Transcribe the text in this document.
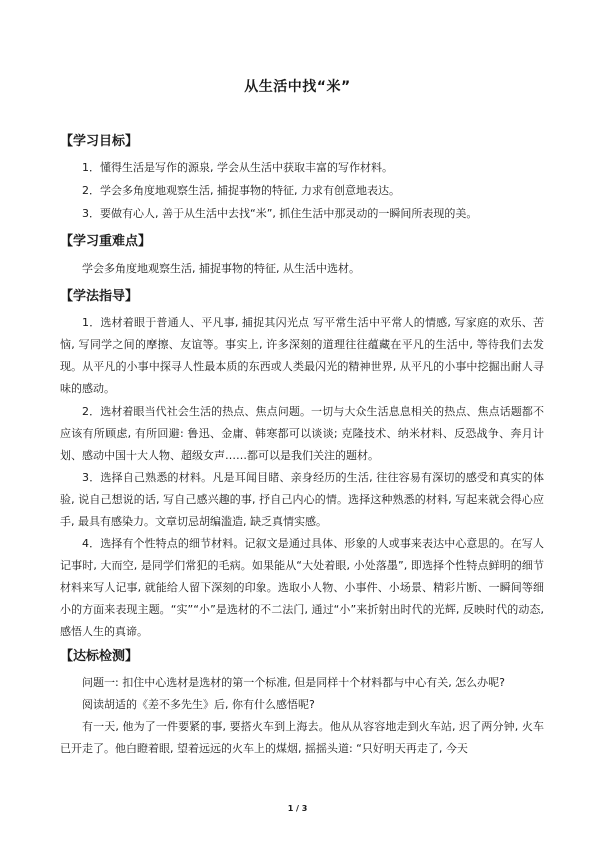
从生活中找“米”
【学习目标】

1．懂得生活是写作的源泉, 学会从生活中获取丰富的写作材料。

2．学会多角度地观察生活, 捕捉事物的特征, 力求有创意地表达。

3．要做有心人, 善于从生活中去找“米”, 抓住生活中那灵动的一瞬间所表现的美。

【学习重难点】

学会多角度地观察生活, 捕捉事物的特征, 从生活中选材。

【学法指导】

1．选材着眼于普通人、平凡事, 捕捉其闪光点 写平常生活中平常人的情感, 写家庭的欢乐、苦恼, 写同学之间的摩擦、友谊等。事实上, 许多深刻的道理往往蕴藏在平凡的生活中, 等待我们去发现。从平凡的小事中探寻人性最本质的东西或人类最闪光的精神世界, 从平凡的小事中挖掘出耐人寻味的感动。

2．选材着眼当代社会生活的热点、焦点问题。一切与大众生活息息相关的热点、焦点话题都不应该有所顾虑, 有所回避: 鲁迅、金庸、韩寒都可以谈谈; 克隆技术、纳米材料、反恐战争、奔月计划、感动中国十大人物、超级女声……都可以是我们关注的题材。

3．选择自己熟悉的材料。凡是耳闻目睹、亲身经历的生活, 往往容易有深切的感受和真实的体验, 说自己想说的话, 写自己感兴趣的事, 抒自己内心的情。选择这种熟悉的材料, 写起来就会得心应手, 最具有感染力。文章切忌胡编滥造, 缺乏真情实感。

4．选择有个性特点的细节材料。记叙文是通过具体、形象的人或事来表达中心意思的。在写人记事时, 大而空, 是同学们常犯的毛病。如果能从“大处着眼, 小处落墨”, 即选择个性特点鲜明的细节材料来写人记事, 就能给人留下深刻的印象。选取小人物、小事件、小场景、精彩片断、一瞬间等细小的方面来表现主题。“实”“小”是选材的不二法门, 通过“小”来折射出时代的光辉, 反映时代的动态, 感悟人生的真谛。

【达标检测】

问题一: 扣住中心选材是选材的第一个标准, 但是同样十个材料都与中心有关, 怎么办呢?

阅读胡适的《差不多先生》后, 你有什么感悟呢?

有一天, 他为了一件要紧的事, 要搭火车到上海去。他从从容容地走到火车站, 迟了两分钟, 火车已开走了。他白瞪着眼, 望着远远的火车上的煤烟, 摇摇头道: “只好明天再走了, 今天

1 / 3
